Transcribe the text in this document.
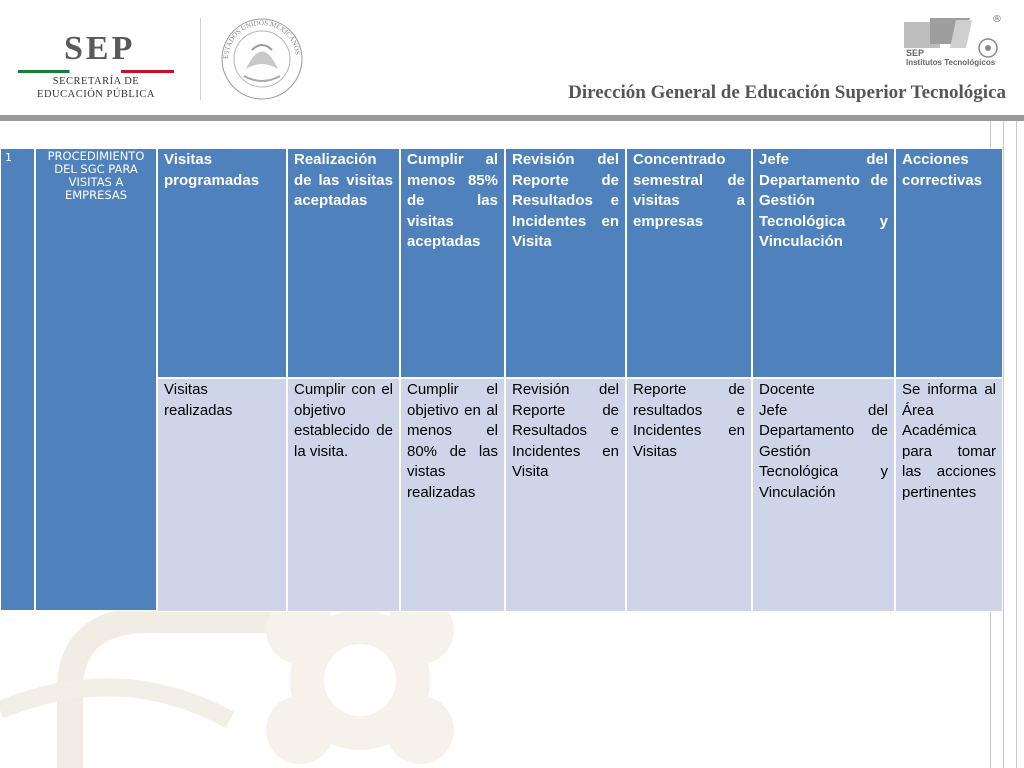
SEP
SECRETARÍA DE
EDUCACIÓN PÚBLICA
ESTADOS UNIDOS MEXICANOS	SEP
Institutos Tecnológicos
®
Dirección General de Educación Superior Tecnológica
1	PROCEDIMIENTO DEL SGC PARA VISITAS A EMPRESAS
Visitas programadas
Realización de las visitas aceptadas
Cumplir al menos 85% de las visitas aceptadas
Revisión del Reporte de Resultados e Incidentes en Visita
Concentrado semestral de visitas a empresas
Jefe del Departamento de Gestión Tecnológica y Vinculación
Acciones correctivas
Visitas realizadas
Cumplir con el objetivo establecido de la visita.
Cumplir el objetivo en al menos el 80% de las vistas realizadas
Revisión del Reporte de Resultados e Incidentes en Visita
Reporte de resultados e Incidentes en Visitas
Docente
Jefe del Departamento de Gestión Tecnológica y Vinculación
Se informa al Área Académica para tomar las acciones pertinentes
